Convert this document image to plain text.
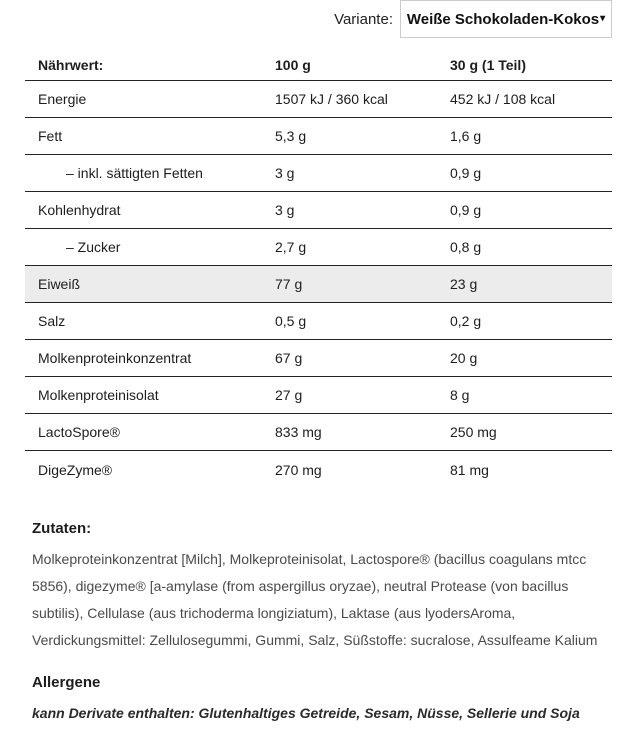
Variante: Weiße Schokoladen-Kokos ▾
Nährwert:	100 g	30 g (1 Teil)
Energie	1507 kJ / 360 kcal	452 kJ / 108 kcal
Fett	5,3 g	1,6 g
– inkl. sättigten Fetten	3 g	0,9 g
Kohlenhydrat	3 g	0,9 g
– Zucker	2,7 g	0,8 g
Eiweiß	77 g	23 g
Salz	0,5 g	0,2 g
Molkenproteinkonzentrat	67 g	20 g
Molkenproteinisolat	27 g	8 g
LactoSpore®	833 mg	250 mg
DigeZyme®	270 mg	81 mg
Zutaten:
Molkeproteinkonzentrat [Milch], Molkeproteinisolat, Lactospore® (bacillus coagulans mtcc 5856), digezyme® [a-amylase (from aspergillus oryzae), neutral Protease (von bacillus subtilis), Cellulase (aus trichoderma longiziatum), Laktase (aus lyodersAroma, Verdickungsmittel: Zellulosegummi, Gummi, Salz, Süßstoffe: sucralose, Assulfeame Kalium
Allergene
kann Derivate enthalten: Glutenhaltiges Getreide, Sesam, Nüsse, Sellerie und Soja
